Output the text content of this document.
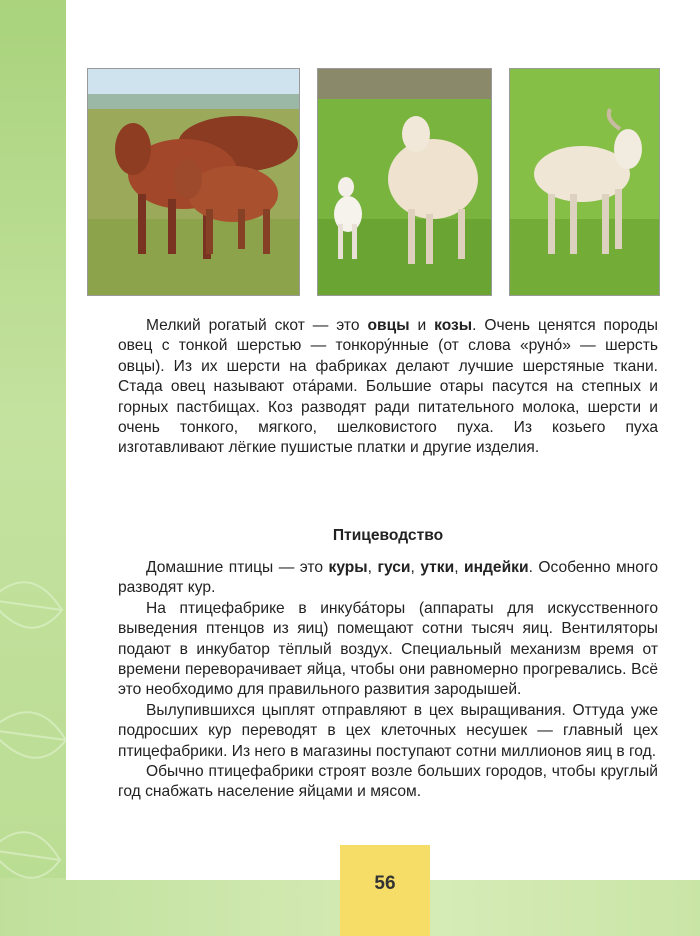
Мелкий рогатый скот — это овцы и козы. Очень ценятся породы овец с тонкой шерстью — тонкору́нные (от слова «руно́» — шерсть овцы). Из их шерсти на фабриках делают лучшие шерстяные ткани. Стада овец называют ота́рами. Большие отары пасутся на степных и горных пастбищах. Коз разводят ради питательного молока, шерсти и очень тонкого, мягкого, шелковистого пуха. Из козьего пуха изготавливают лёгкие пушистые платки и другие изделия.

Птицеводство

Домашние птицы — это куры, гуси, утки, индейки. Особенно много разводят кур.

На птицефабрике в инкуба́торы (аппараты для искусственного выведения птенцов из яиц) помещают сотни тысяч яиц. Вентиляторы подают в инкубатор тёплый воздух. Специальный механизм время от времени переворачивает яйца, чтобы они равномерно прогревались. Всё это необходимо для правильного развития зародышей.

Вылупившихся цыплят отправляют в цех выращивания. Оттуда уже подросших кур переводят в цех клеточных несушек — главный цех птицефабрики. Из него в магазины поступают сотни миллионов яиц в год.

Обычно птицефабрики строят возле больших городов, чтобы круглый год снабжать население яйцами и мясом.

56
